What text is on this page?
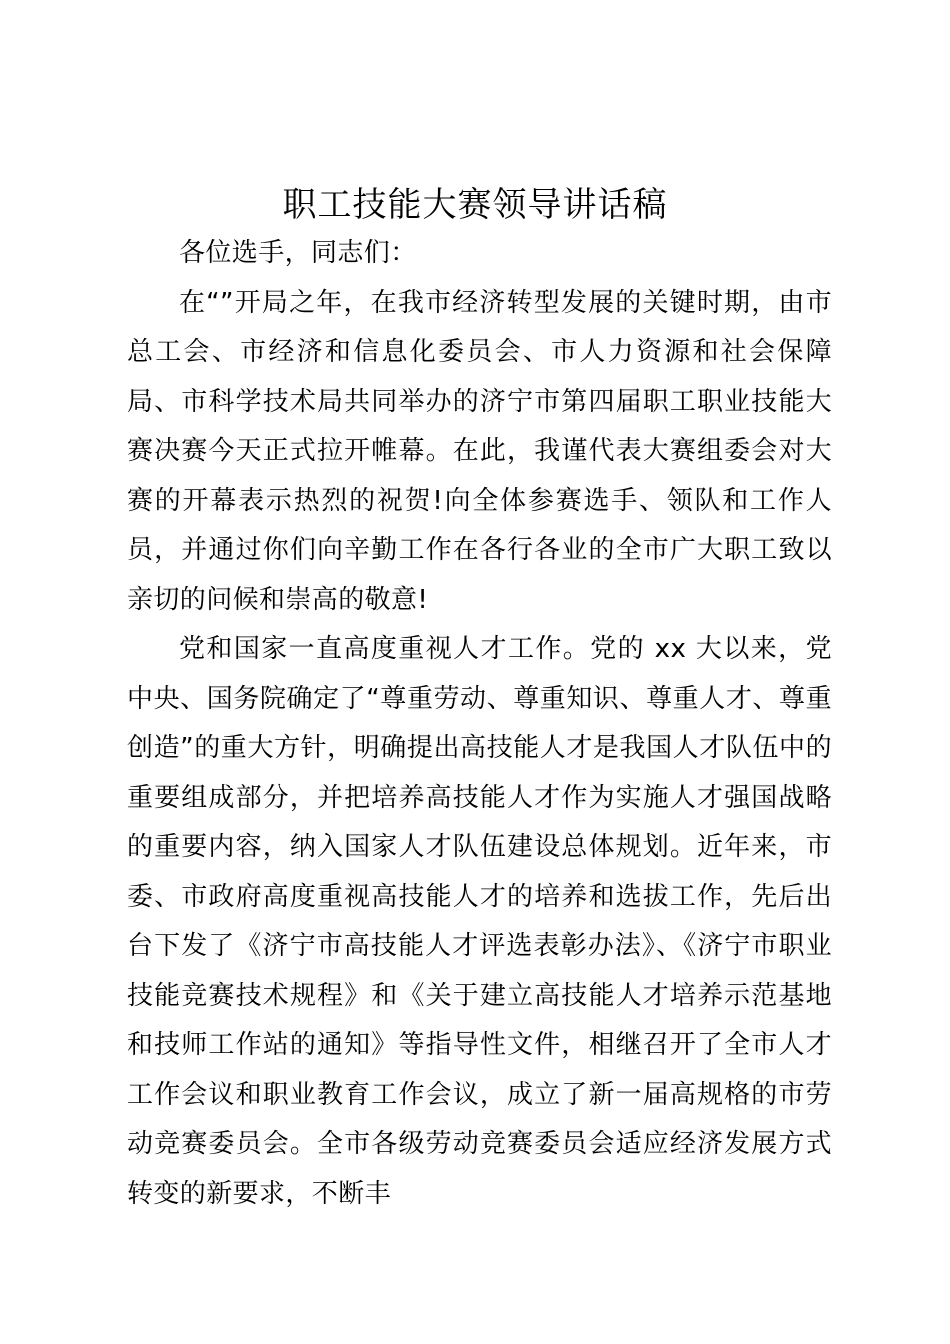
职工技能大赛领导讲话稿

各位选手，同志们：

在“”开局之年，在我市经济转型发展的关键时期，由市总工会、市经济和信息化委员会、市人力资源和社会保障局、市科学技术局共同举办的济宁市第四届职工职业技能大赛决赛今天正式拉开帷幕。在此，我谨代表大赛组委会对大赛的开幕表示热烈的祝贺!向全体参赛选手、领队和工作人员，并通过你们向辛勤工作在各行各业的全市广大职工致以亲切的问候和崇高的敬意!

党和国家一直高度重视人才工作。党的 xx 大以来，党中央、国务院确定了“尊重劳动、尊重知识、尊重人才、尊重创造”的重大方针，明确提出高技能人才是我国人才队伍中的重要组成部分，并把培养高技能人才作为实施人才强国战略的重要内容，纳入国家人才队伍建设总体规划。近年来，市委、市政府高度重视高技能人才的培养和选拔工作，先后出台下发了《济宁市高技能人才评选表彰办法》、《济宁市职业技能竞赛技术规程》和《关于建立高技能人才培养示范基地和技师工作站的通知》等指导性文件，相继召开了全市人才工作会议和职业教育工作会议，成立了新一届高规格的市劳动竞赛委员会。全市各级劳动竞赛委员会适应经济发展方式转变的新要求，不断丰
